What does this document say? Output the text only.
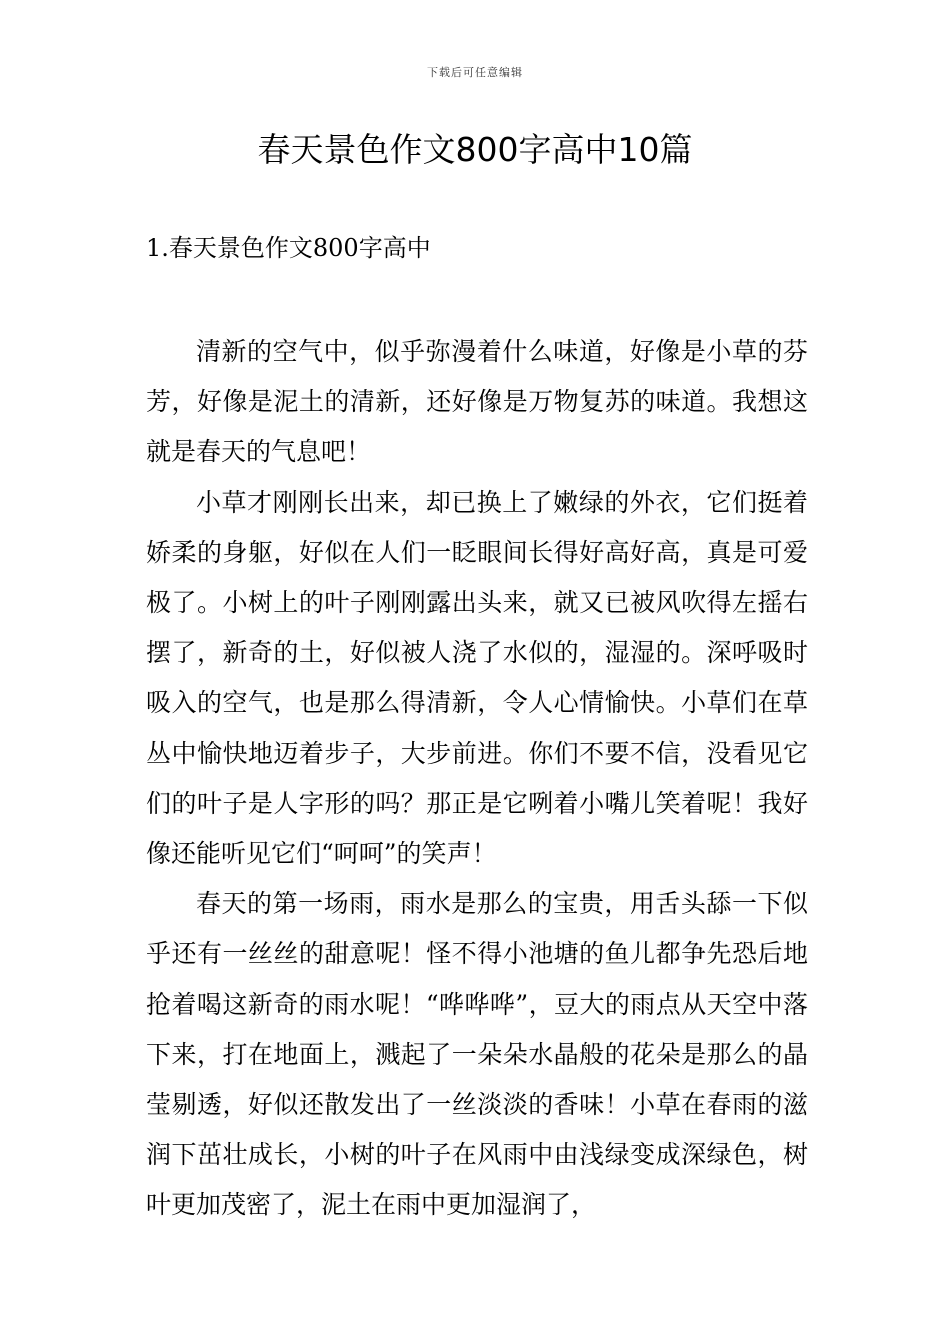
下载后可任意编辑
春天景色作文800字高中10篇
1.春天景色作文800字高中

清新的空气中，似乎弥漫着什么味道，好像是小草的芬芳，好像是泥土的清新，还好像是万物复苏的味道。我想这就是春天的气息吧！

小草才刚刚长出来，却已换上了嫩绿的外衣，它们挺着娇柔的身躯，好似在人们一眨眼间长得好高好高，真是可爱极了。小树上的叶子刚刚露出头来，就又已被风吹得左摇右摆了，新奇的土，好似被人浇了水似的，湿湿的。深呼吸时吸入的空气，也是那么得清新，令人心情愉快。小草们在草丛中愉快地迈着步子，大步前进。你们不要不信，没看见它们的叶子是人字形的吗？那正是它咧着小嘴儿笑着呢！我好像还能听见它们“呵呵”的笑声！

春天的第一场雨，雨水是那么的宝贵，用舌头舔一下似乎还有一丝丝的甜意呢！怪不得小池塘的鱼儿都争先恐后地抢着喝这新奇的雨水呢！“哗哗哗”，豆大的雨点从天空中落下来，打在地面上，溅起了一朵朵水晶般的花朵是那么的晶莹剔透，好似还散发出了一丝淡淡的香味！小草在春雨的滋润下茁壮成长，小树的叶子在风雨中由浅绿变成深绿色，树叶更加茂密了，泥土在雨中更加湿润了，
